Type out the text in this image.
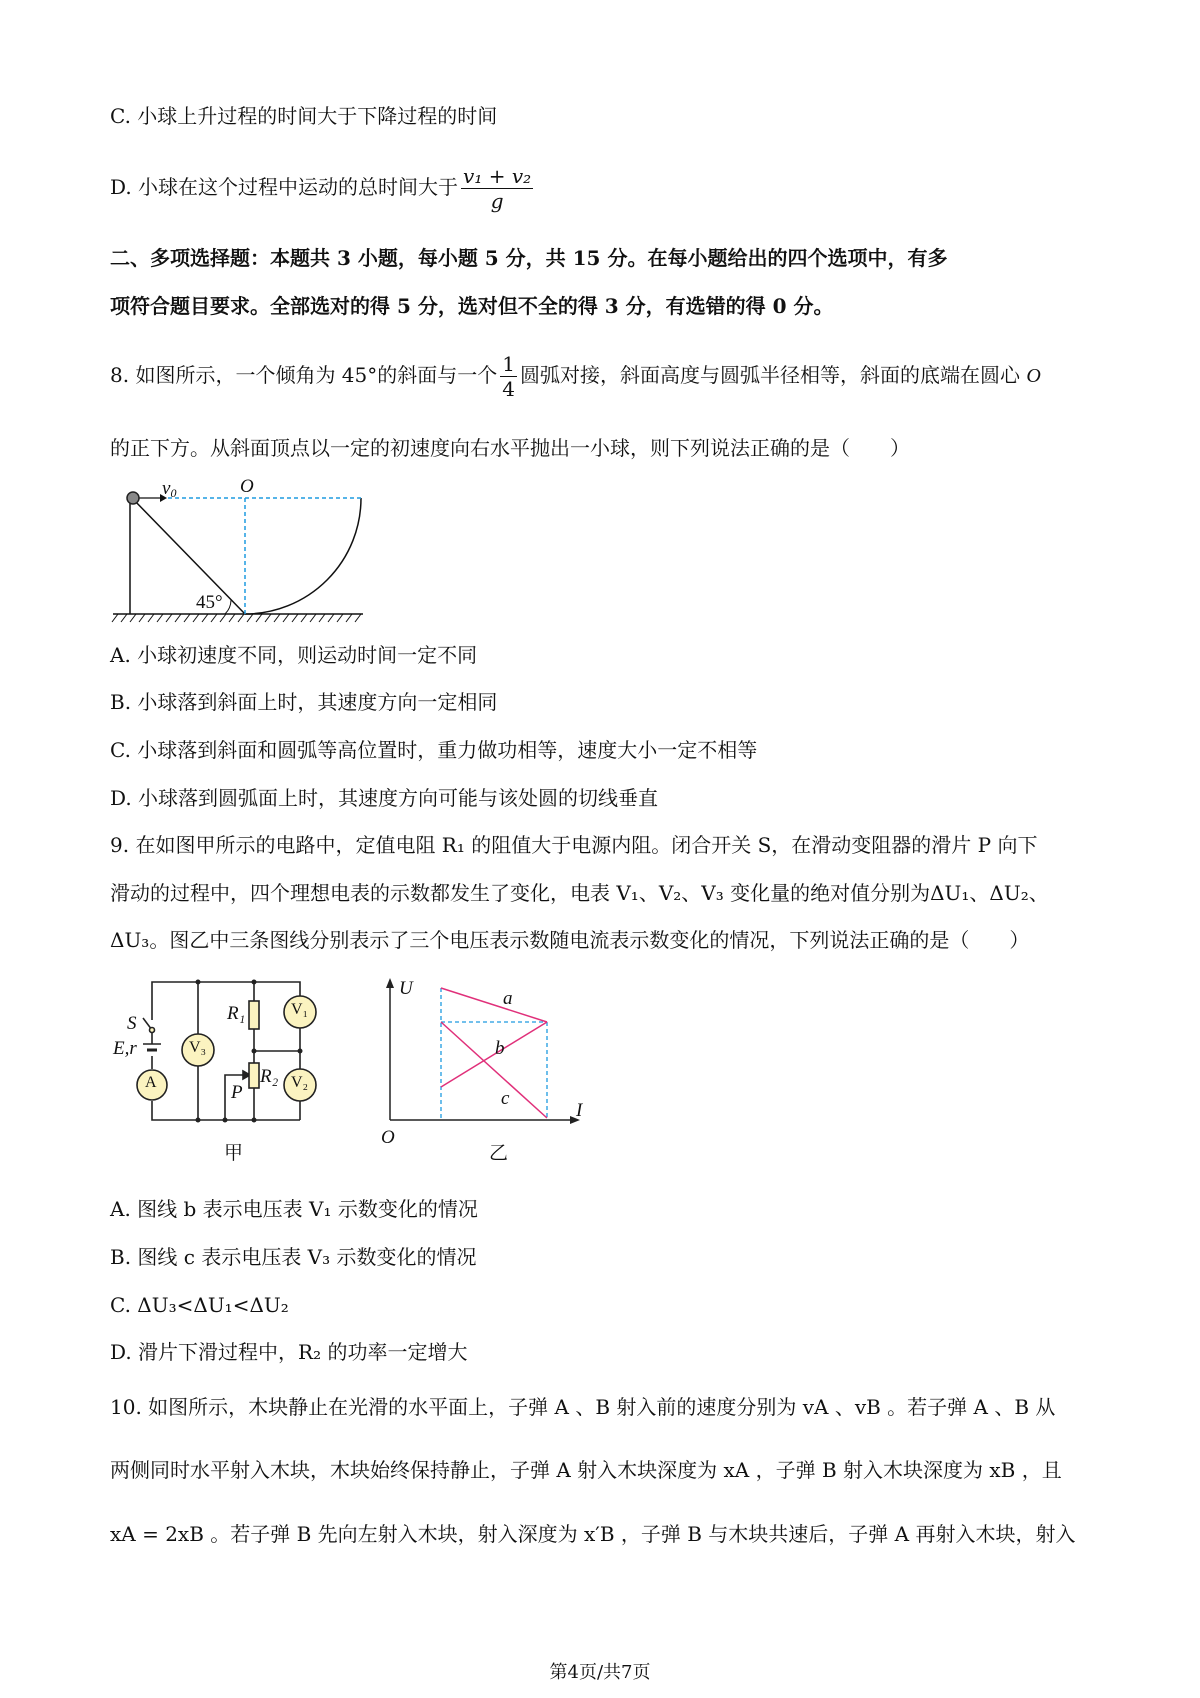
C. 小球上升过程的时间大于下降过程的时间
D. 小球在这个过程中运动的总时间大于 $\frac{\text{v₁ + v₂}}{g}$
二、多项选择题：本题共 3 小题，每小题 5 分，共 15 分。在每小题给出的四个选项中，有多
项符合题目要求。全部选对的得 5 分，选对但不全的得 3 分，有选错的得 0 分。
8. 如图所示，一个倾角为 45°的斜面与一个 $\frac{1}{4}$ 圆弧对接，斜面高度与圆弧半径相等，斜面的底端在圆心 O
的正下方。从斜面顶点以一定的初速度向右水平抛出一小球，则下列说法正确的是（　　）
$v_0$	O
45°
A. 小球初速度不同，则运动时间一定不同
B. 小球落到斜面上时，其速度方向一定相同
C. 小球落到斜面和圆弧等高位置时，重力做功相等，速度大小一定不相等
D. 小球落到圆弧面上时，其速度方向可能与该处圆的切线垂直
9. 在如图甲所示的电路中，定值电阻 R₁ 的阻值大于电源内阻。闭合开关 S，在滑动变阻器的滑片 P 向下
滑动的过程中，四个理想电表的示数都发生了变化，电表 V₁、V₂、V₃ 变化量的绝对值分别为ΔU₁、ΔU₂、
ΔU₃。图乙中三条图线分别表示了三个电压表示数随电流表示数变化的情况，下列说法正确的是（　　）
S
E,r
A
V₃
V₁
V₂
R₁
R₂
P
甲
U
I
O
a
b
c
乙
A. 图线 b 表示电压表 V₁ 示数变化的情况
B. 图线 c 表示电压表 V₃ 示数变化的情况
C. ΔU₃<ΔU₁<ΔU₂
D. 滑片下滑过程中，R₂ 的功率一定增大
10. 如图所示，木块静止在光滑的水平面上，子弹 A 、B 射入前的速度分别为 vA 、vB 。若子弹 A 、B 从
两侧同时水平射入木块，木块始终保持静止，子弹 A 射入木块深度为 xA ，子弹 B 射入木块深度为 xB ，且
xA = 2xB 。若子弹 B 先向左射入木块，射入深度为 x′B ，子弹 B 与木块共速后，子弹 A 再射入木块，射入
第4页/共7页
